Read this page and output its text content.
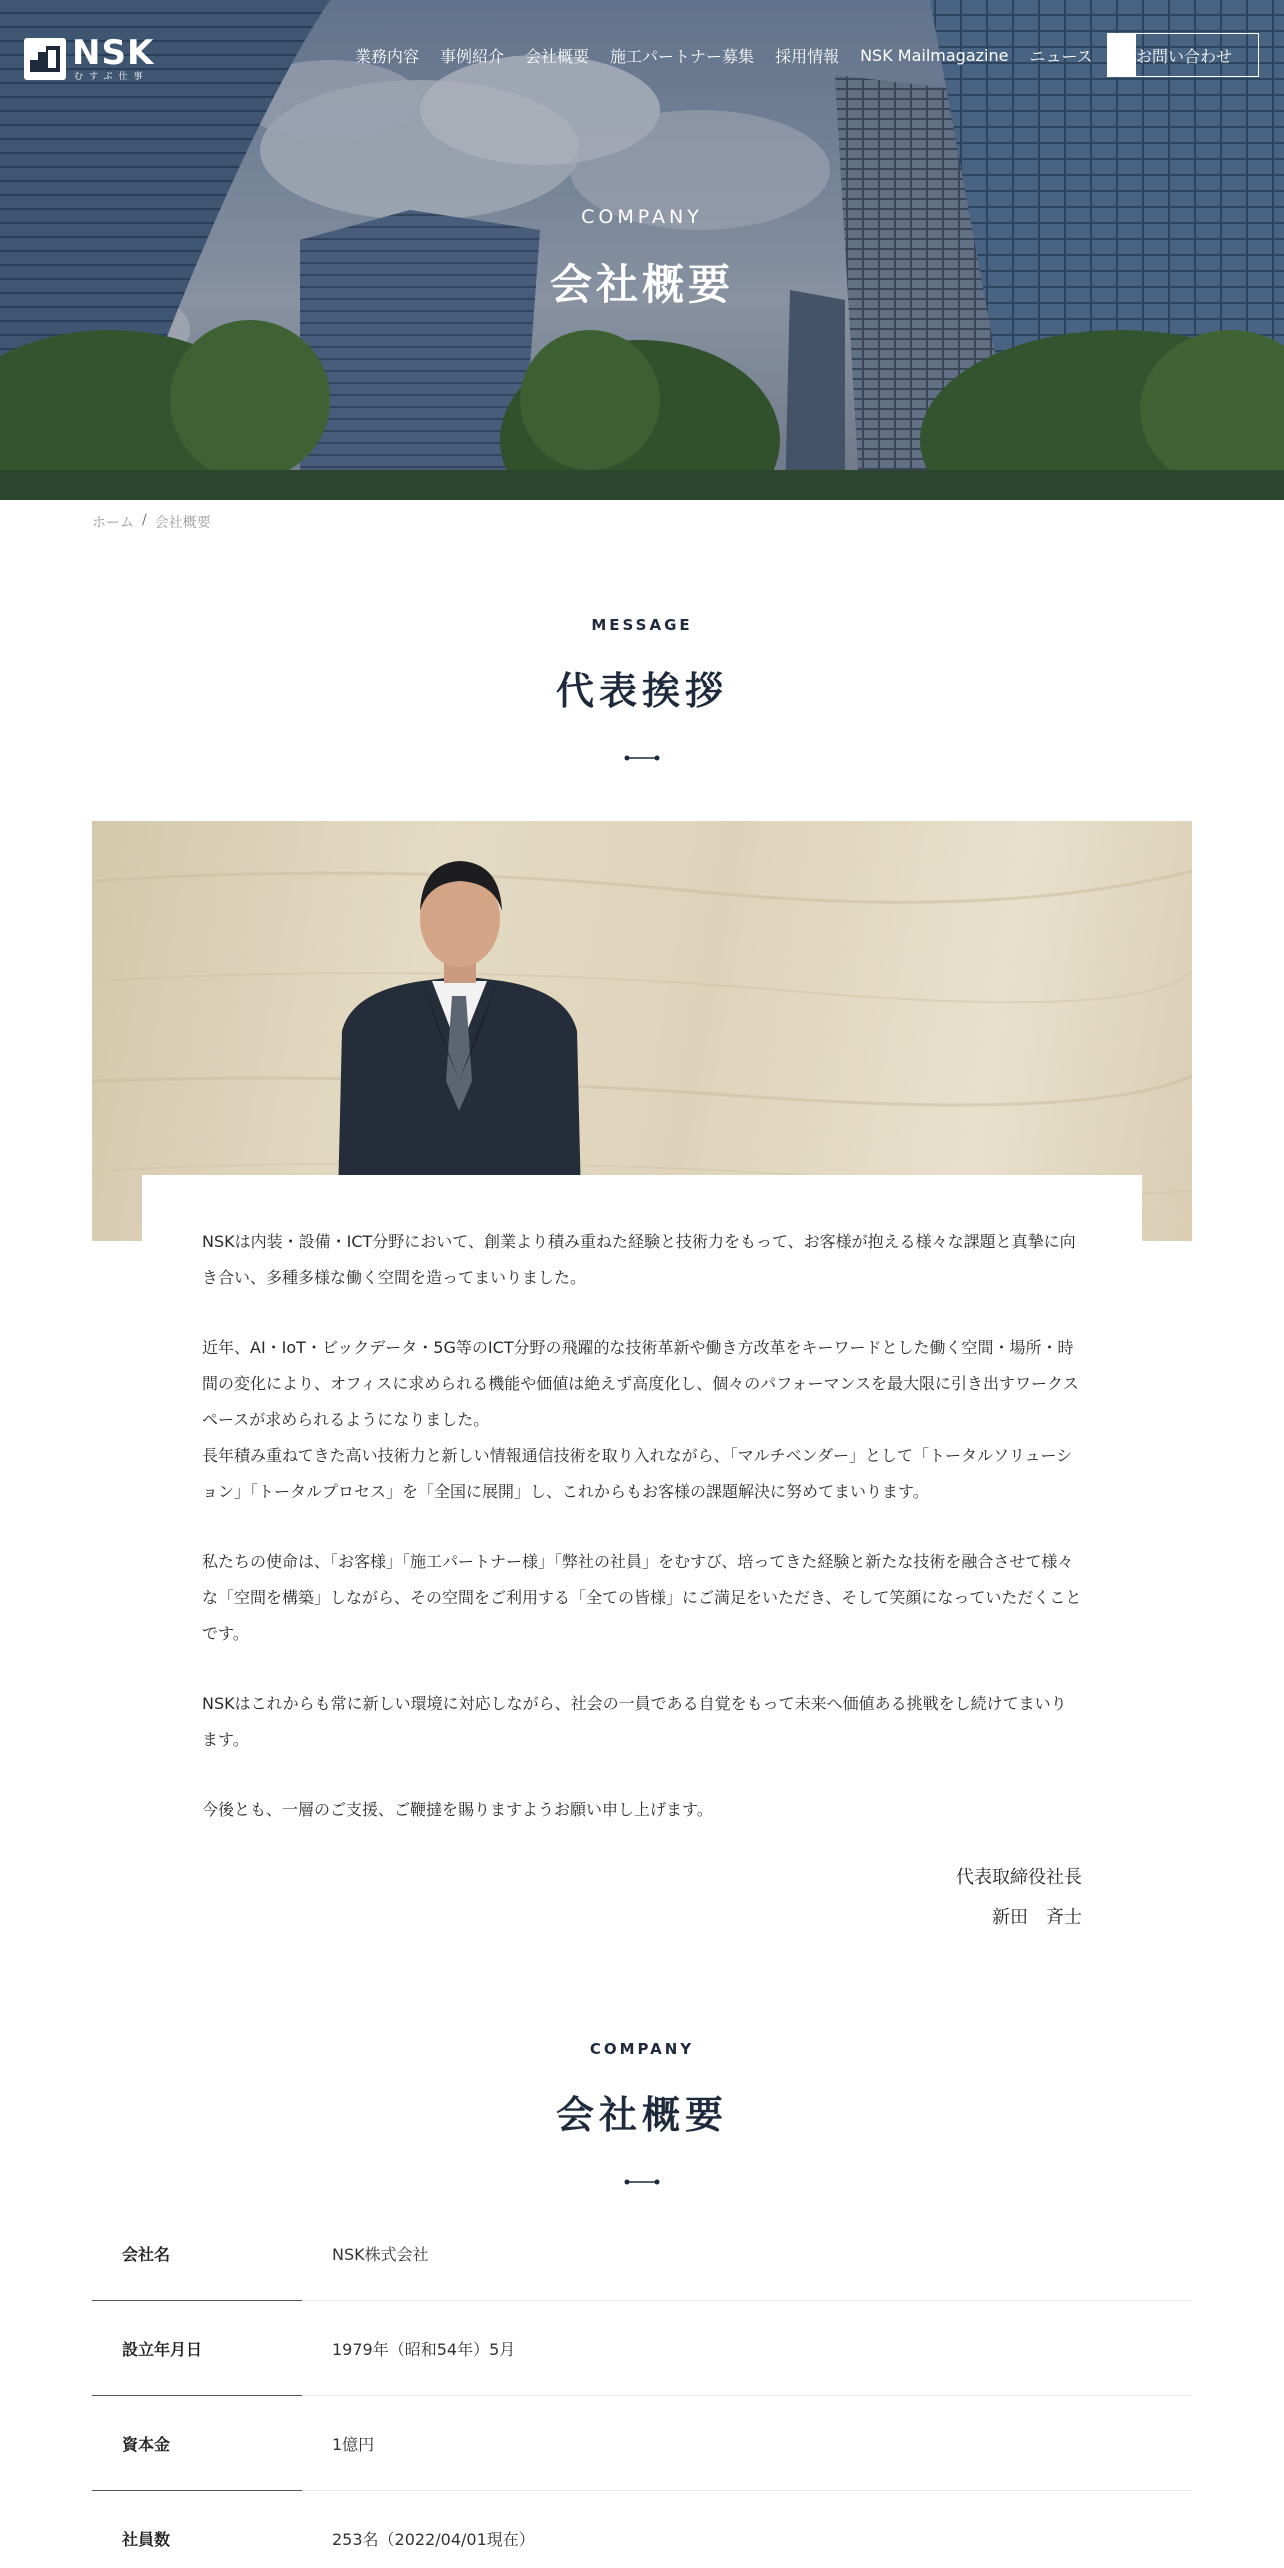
NSK
むすぶ仕事
業務内容 事例紹介 会社概要 施工パートナー募集 採用情報 NSK Mailmagazine ニュース	お問い合わせ
COMPANY
会社概要
ホーム / 会社概要
MESSAGE
代表挨拶

NSKは内装・設備・ICT分野において、創業より積み重ねた経験と技術力をもって、お客様が抱える様々な課題と真摯に向き合い、多種多様な働く空間を造ってまいりました。

近年、AI・IoT・ビックデータ・5G等のICT分野の飛躍的な技術革新や働き方改革をキーワードとした働く空間・場所・時間の変化により、オフィスに求められる機能や価値は絶えず高度化し、個々のパフォーマンスを最大限に引き出すワークスペースが求められるようになりました。

長年積み重ねてきた高い技術力と新しい情報通信技術を取り入れながら、「マルチベンダー」として「トータルソリューション」「トータルプロセス」を「全国に展開」し、これからもお客様の課題解決に努めてまいります。

私たちの使命は、「お客様」「施工パートナー様」「弊社の社員」をむすび、培ってきた経験と新たな技術を融合させて様々な「空間を構築」しながら、その空間をご利用する「全ての皆様」にご満足をいただき、そして笑顔になっていただくことです。

NSKはこれからも常に新しい環境に対応しながら、社会の一員である自覚をもって未来へ価値ある挑戦をし続けてまいります。

今後とも、一層のご支援、ご鞭撻を賜りますようお願い申し上げます。

代表取締役社長
新田　斉士
COMPANY
会社概要
会社名	NSK株式会社
設立年月日	1979年（昭和54年）5月
資本金	1億円
社員数	253名（2022/04/01現在）
